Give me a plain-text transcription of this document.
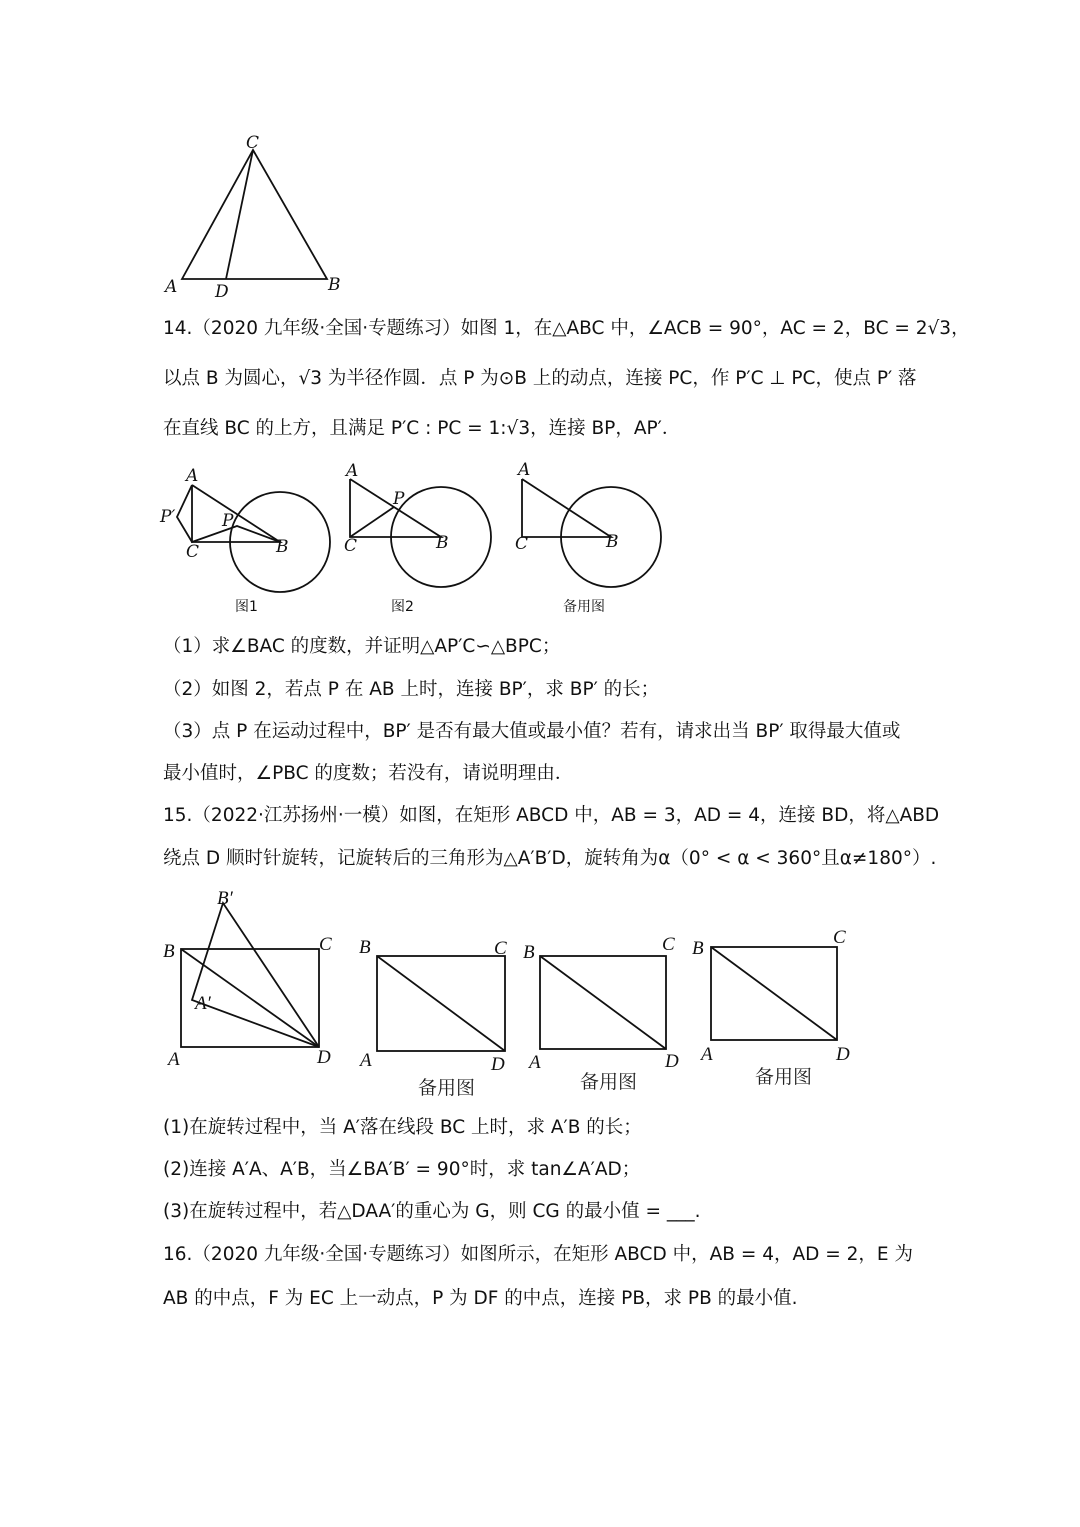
C
A D	B
14.（2020 九年级·全国·专题练习）如图 1，在△ABC 中，∠ACB = 90°，AC = 2，BC = 2√3，
以点 B 为圆心，√3 为半径作圆．点 P 为⊙B 上的动点，连接 PC，作 P′C ⊥ PC，使点 P′ 落
在直线 BC 的上方，且满足 P′C : PC = 1:√3，连接 BP，AP′．
A
P′	P
C	B
图1
A
P
C	B
图2
A
C	B
备用图
（1）求∠BAC 的度数，并证明△AP′C∽△BPC；
（2）如图 2，若点 P 在 AB 上时，连接 BP′，求 BP′ 的长；
（3）点 P 在运动过程中，BP′ 是否有最大值或最小值？若有，请求出当 BP′ 取得最大值或
最小值时，∠PBC 的度数；若没有，请说明理由．
15.（2022·江苏扬州·一模）如图，在矩形 ABCD 中，AB = 3，AD = 4，连接 BD，将△ABD
绕点 D 顺时针旋转，记旋转后的三角形为△A′B′D，旋转角为α（0° < α < 360°且α≠180°）.
B′
B	C
A′
A	D
B	C
A	D
备用图
B	C
A	D
备用图
B
C
A	D
备用图
(1)在旋转过程中，当 A′落在线段 BC 上时，求 A′B 的长；
(2)连接 A′A、A′B，当∠BA′B′ = 90°时，求 tan∠A′AD；
(3)在旋转过程中，若△DAA′的重心为 G，则 CG 的最小值 = ___.
16.（2020 九年级·全国·专题练习）如图所示，在矩形 ABCD 中，AB = 4，AD = 2，E 为
AB 的中点，F 为 EC 上一动点，P 为 DF 的中点，连接 PB，求 PB 的最小值.
